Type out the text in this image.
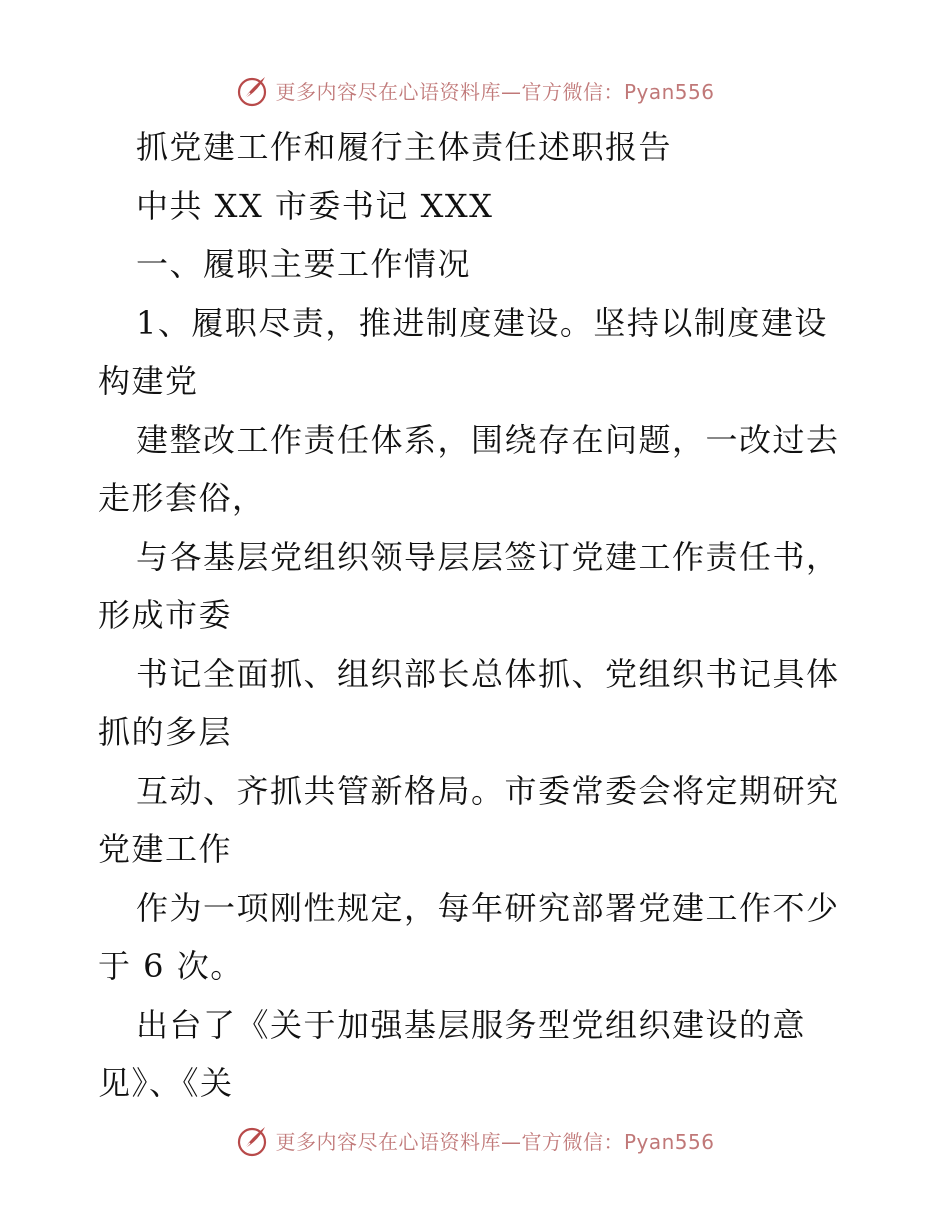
更多内容尽在心语资料库—官方微信：Pyan556
抓党建工作和履行主体责任述职报告
中共 XX 市委书记 XXX
一、履职主要工作情况
1、履职尽责，推进制度建设。坚持以制度建设
构建党
建整改工作责任体系，围绕存在问题，一改过去
走形套俗，
与各基层党组织领导层层签订党建工作责任书，
形成市委
书记全面抓、组织部长总体抓、党组织书记具体
抓的多层
互动、齐抓共管新格局。市委常委会将定期研究
党建工作
作为一项刚性规定，每年研究部署党建工作不少
于 6 次。
出台了《关于加强基层服务型党组织建设的意
见》、《关
更多内容尽在心语资料库—官方微信：Pyan556
